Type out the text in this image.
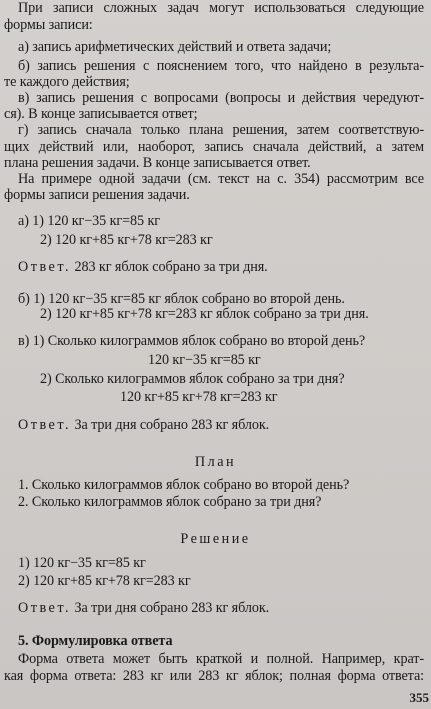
При записи сложных задач могут использоваться следующие
формы записи:
а) запись арифметических действий и ответа задачи;
б) запись решения с пояснением того, что найдено в результа-
те каждого действия;
в) запись решения с вопросами (вопросы и действия чередуют-
ся). В конце записывается ответ;
г) запись сначала только плана решения, затем соответствую-
щих действий или, наоборот, запись сначала действий, а затем
плана решения задачи. В конце записывается ответ.
На примере одной задачи (см. текст на с. 354) рассмотрим все
формы записи решения задачи.
а) 1) 120 кг−35 кг=85 кг
2) 120 кг+85 кг+78 кг=283 кг
Ответ. 283 кг яблок собрано за три дня.
б) 1) 120 кг−35 кг=85 кг яблок собрано во второй день.
2) 120 кг+85 кг+78 кг=283 кг яблок собрано за три дня.
в) 1) Сколько килограммов яблок собрано во второй день?
120 кг−35 кг=85 кг
2) Сколько килограммов яблок собрано за три дня?
120 кг+85 кг+78 кг=283 кг
Ответ. За три дня собрано 283 кг яблок.
План
1. Сколько килограммов яблок собрано во второй день?
2. Сколько килограммов яблок собрано за три дня?
Решение
1) 120 кг−35 кг=85 кг
2) 120 кг+85 кг+78 кг=283 кг
Ответ. За три дня собрано 283 кг яблок.
5. Формулировка ответа
Форма ответа может быть краткой и полной. Например, крат-
кая форма ответа: 283 кг или 283 кг яблок; полная форма ответа:
355
